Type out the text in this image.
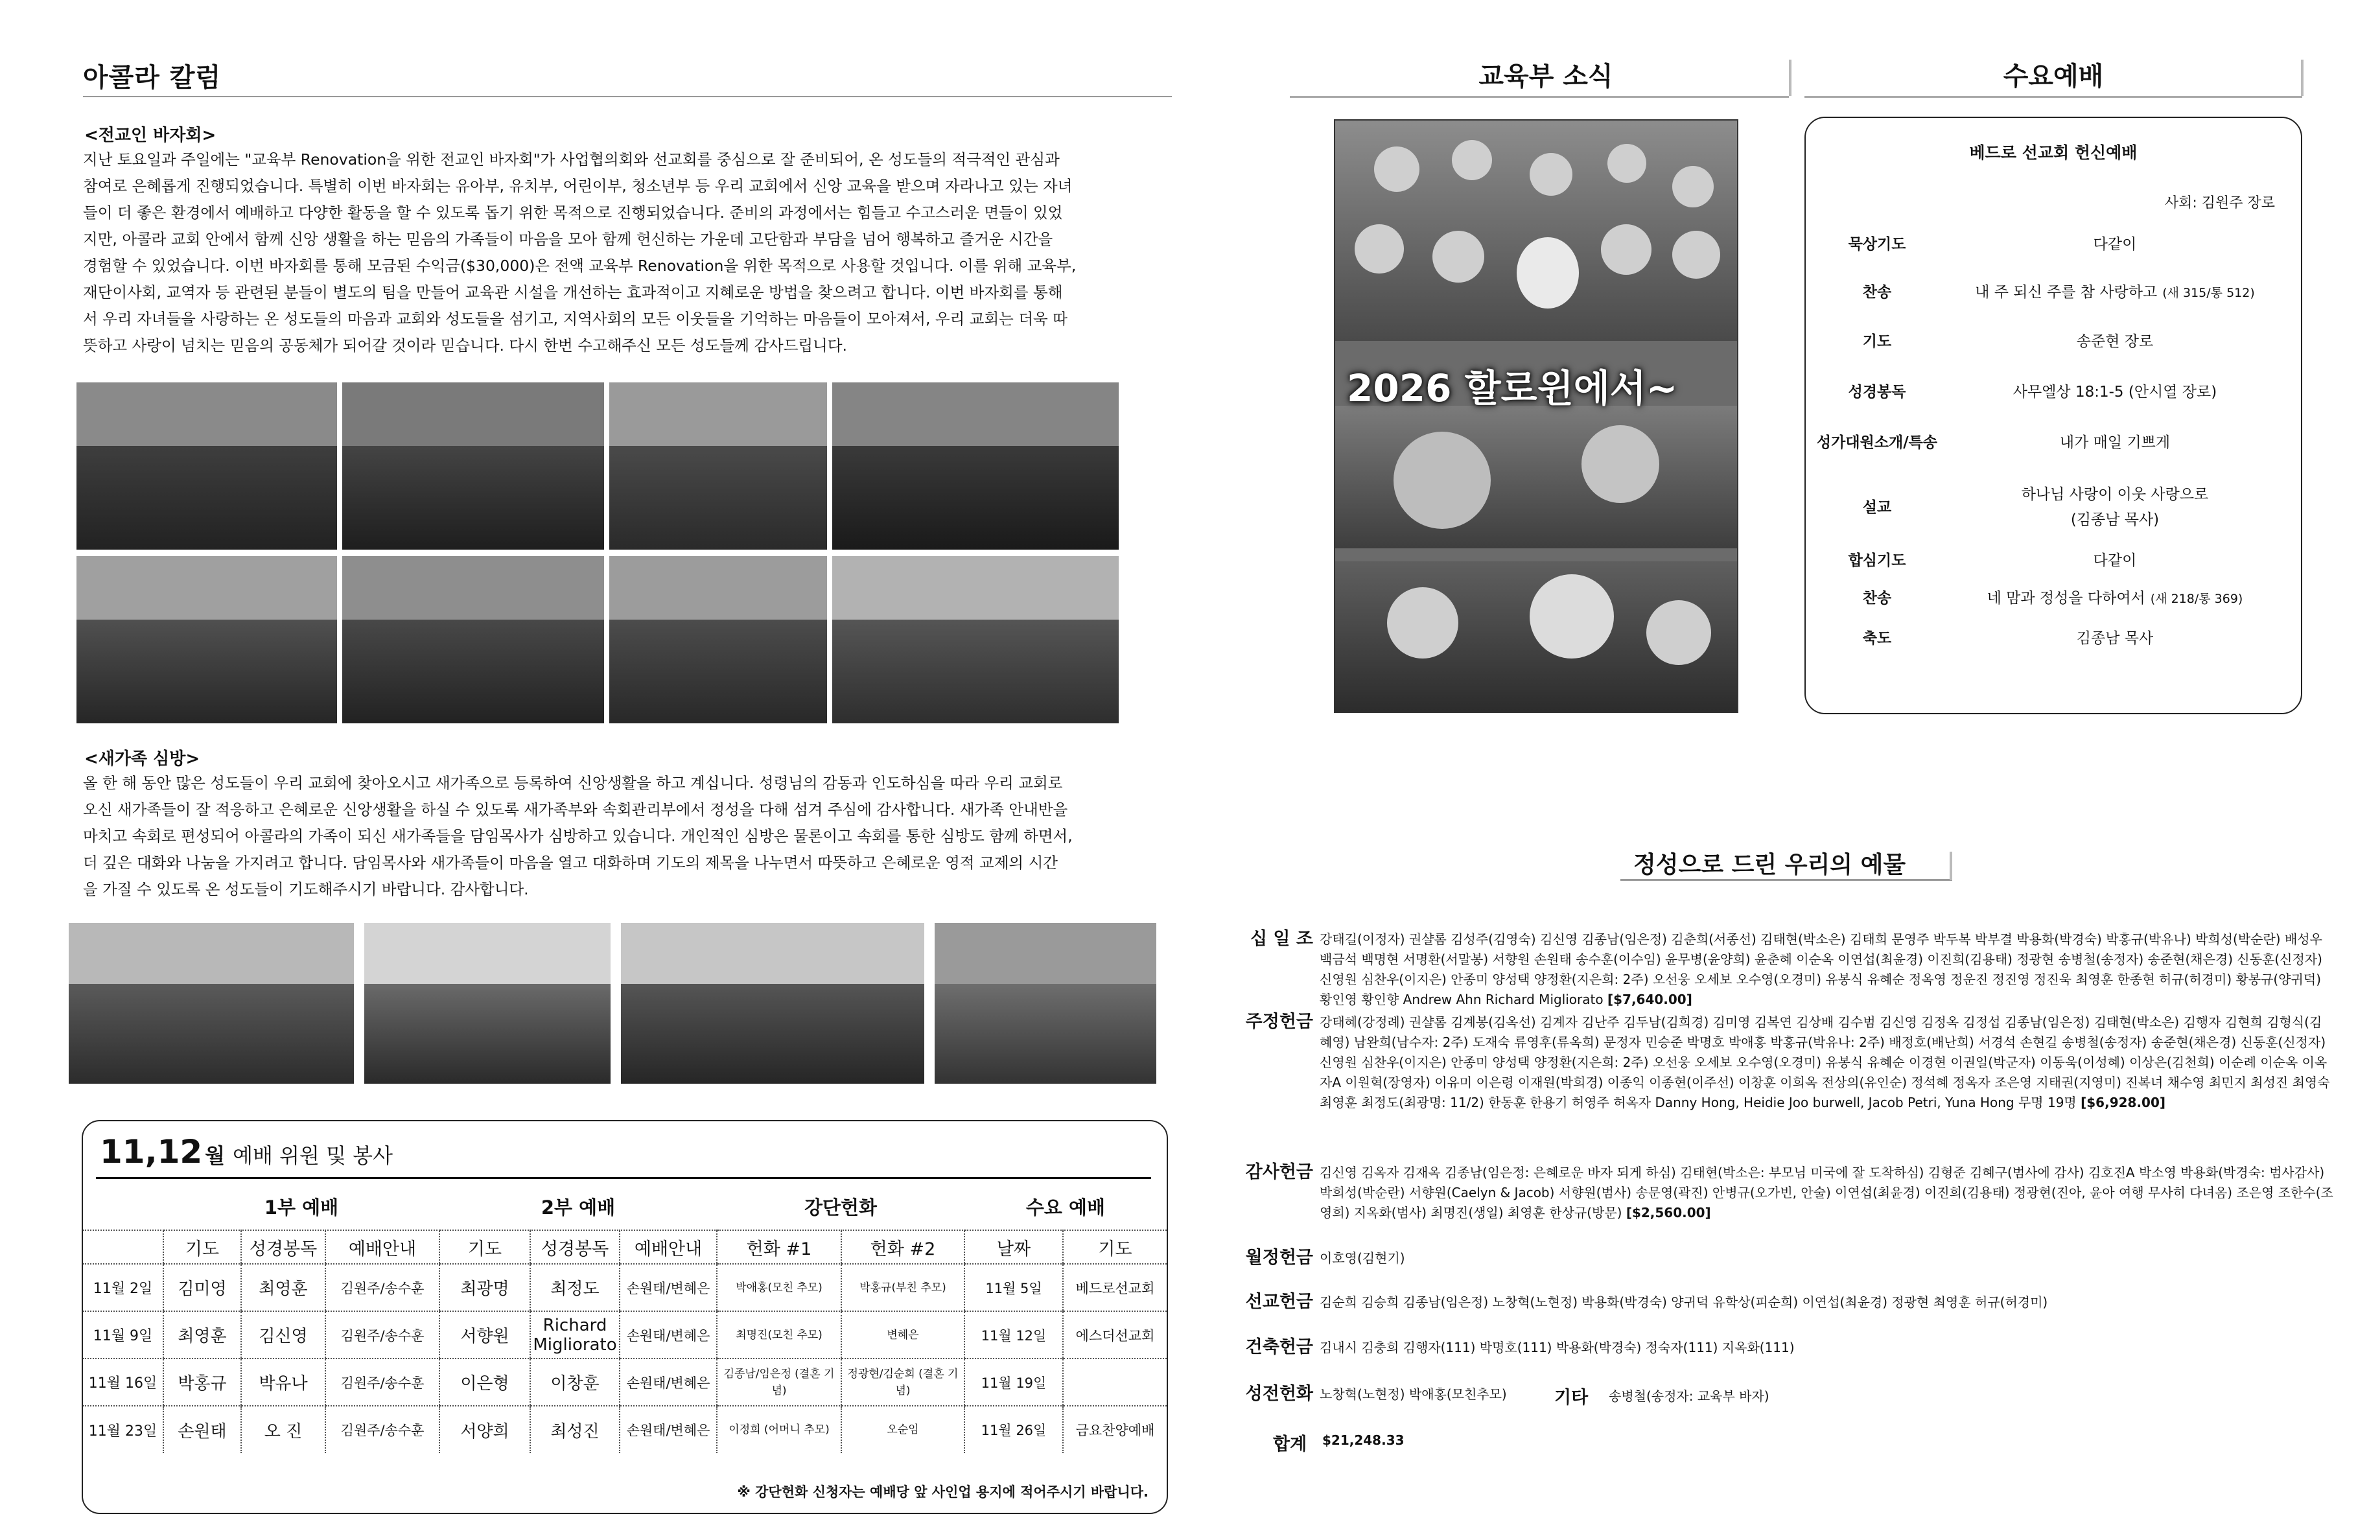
아콜라 칼럼
<전교인 바자회>
지난 토요일과 주일에는 "교육부 Renovation을 위한 전교인 바자회"가 사업협의회와 선교회를 중심으로 잘 준비되어, 온 성도들의 적극적인 관심과
참여로 은혜롭게 진행되었습니다. 특별히 이번 바자회는 유아부, 유치부, 어린이부, 청소년부 등 우리 교회에서 신앙 교육을 받으며 자라나고 있는 자녀
들이 더 좋은 환경에서 예배하고 다양한 활동을 할 수 있도록 돕기 위한 목적으로 진행되었습니다. 준비의 과정에서는 힘들고 수고스러운 면들이 있었
지만, 아콜라 교회 안에서 함께 신앙 생활을 하는 믿음의 가족들이 마음을 모아 함께 헌신하는 가운데 고단함과 부담을 넘어 행복하고 즐거운 시간을
경험할 수 있었습니다. 이번 바자회를 통해 모금된 수익금($30,000)은 전액 교육부 Renovation을 위한 목적으로 사용할 것입니다. 이를 위해 교육부,
재단이사회, 교역자 등 관련된 분들이 별도의 팀을 만들어 교육관 시설을 개선하는 효과적이고 지혜로운 방법을 찾으려고 합니다. 이번 바자회를 통해
서 우리 자녀들을 사랑하는 온 성도들의 마음과 교회와 성도들을 섬기고, 지역사회의 모든 이웃들을 기억하는 마음들이 모아져서, 우리 교회는 더욱 따
뜻하고 사랑이 넘치는 믿음의 공동체가 되어갈 것이라 믿습니다. 다시 한번 수고해주신 모든 성도들께 감사드립니다.
<새가족 심방>
올 한 해 동안 많은 성도들이 우리 교회에 찾아오시고 새가족으로 등록하여 신앙생활을 하고 계십니다. 성령님의 감동과 인도하심을 따라 우리 교회로
오신 새가족들이 잘 적응하고 은혜로운 신앙생활을 하실 수 있도록 새가족부와 속회관리부에서 정성을 다해 섬겨 주심에 감사합니다. 새가족 안내반을
마치고 속회로 편성되어 아콜라의 가족이 되신 새가족들을 담임목사가 심방하고 있습니다. 개인적인 심방은 물론이고 속회를 통한 심방도 함께 하면서,
더 깊은 대화와 나눔을 가지려고 합니다. 담임목사와 새가족들이 마음을 열고 대화하며 기도의 제목을 나누면서 따뜻하고 은혜로운 영적 교제의 시간
을 가질 수 있도록 온 성도들이 기도해주시기 바랍니다. 감사합니다.
11,12 월 예배 위원 및 봉사
	1부 예배			2부 예배			강단헌화		수요 예배	
	기도	성경봉독	예배안내	기도	성경봉독	예배안내	헌화 #1	헌화 #2	날짜	기도
11월 2일	김미영	최영훈	김원주/송수훈	최광명	최정도	손원태/변혜은	박애홍(모친 추모)	박홍규(부친 추모)	11월 5일	베드로선교회
11월 9일	최영훈	김신영	김원주/송수훈	서향원	Richard Migliorato	손원태/변혜은	최명진(모친 추모)	변혜은	11월 12일	에스더선교회
11월 16일	박홍규	박유나	김원주/송수훈	이은형	이창훈	손원태/변혜은	김종남/임은정 (결혼 기념)	정광현/김순희 (결혼 기념)	11월 19일	
11월 23일	손원태	오 진	김원주/송수훈	서양희	최성진	손원태/변혜은	이정희 (어머니 추모)	오순임	11월 26일	금요찬양예배
※ 강단헌화 신청자는 예배당 앞 사인업 용지에 적어주시기 바랍니다.
교육부 소식	수요예배
2026 할로윈에서~
베드로 선교회 헌신예배
사회: 김원주 장로
묵상기도	다같이
찬송	내 주 되신 주를 참 사랑하고 (새 315/통 512)
기도	송준현 장로
성경봉독	사무엘상 18:1-5 (안시열 장로)
성가대원소개/특송	내가 매일 기쁘게
설교
하나님 사랑이 이웃 사랑으로
(김종남 목사)
합심기도	다같이
찬송	네 맘과 정성을 다하여서 (새 218/통 369)
축도	김종남 목사
정성으로 드린 우리의 예물
십 일 조 강태길(이정자) 권샬롬 김성주(김영숙) 김신영 김종남(임은정) 김춘희(서종선) 김태현(박소은) 김태희 문영주 박두복 박부결 박용화(박경숙) 박홍규(박유나) 박희성(박순란) 배성우 백금석 백명현 서명환(서말봉) 서향원 손원태 송수훈(이수임) 윤무병(윤양희) 윤춘혜 이순옥 이연섭(최윤경) 이진희(김용태) 정광현 송병철(송정자) 송준현(채은경) 신동훈(신정자) 신영원 심찬우(이지은) 안종미 양성택 양정환(지은희: 2주) 오선웅 오세보 오수영(오경미) 유봉식 유혜순 정옥영 정운진 정진영 정진욱 최영훈 한종현 허규(허경미) 황봉규(양귀덕) 황인영 황인향 Andrew Ahn Richard Migliorato [$7,640.00]
주정헌금 강태혜(강정례) 권샬롬 김계봉(김옥선) 김계자 김난주 김두남(김희경) 김미영 김복연 김상배 김수범 김신영 김정옥 김정섭 김종남(임은정) 김태현(박소은) 김행자 김현희 김형식(김혜영) 남완희(남수자: 2주) 도재숙 류영후(류옥희) 문정자 민승준 박명호 박애홍 박홍규(박유나: 2주) 배정호(배난희) 서경석 손현길 송병철(송정자) 송준현(채은경) 신동훈(신정자) 신영원 심찬우(이지은) 안종미 양성택 양정환(지은희: 2주) 오선웅 오세보 오수영(오경미) 유봉식 유혜순 이경현 이권일(박군자) 이동욱(이성혜) 이상은(김천희) 이순례 이순옥 이옥자A 이원혁(장영자) 이유미 이은령 이재원(박희경) 이종익 이종현(이주선) 이창훈 이희옥 전상의(유인순) 정석혜 정옥자 조은영 지태권(지영미) 진복녀 채수영 최민지 최성진 최영숙 최영훈 최정도(최광명: 11/2) 한동훈 한용기 허영주 허옥자 Danny Hong, Heidie Joo burwell, Jacob Petri, Yuna Hong 무명 19명 [$6,928.00]
감사헌금 김신영 김옥자 김재옥 김종남(임은정: 은혜로운 바자 되게 하심) 김태현(박소은: 부모님 미국에 잘 도착하심) 김형준 김혜구(범사에 감사) 김호진A 박소영 박용화(박경숙: 범사감사) 박희성(박순란) 서향원(Caelyn & Jacob) 서향원(범사) 송문영(곽진) 안병규(오가빈, 안술) 이연섭(최윤경) 이진희(김용태) 정광현(진아, 윤아 여행 무사히 다녀옴) 조은영 조한수(조영희) 지옥화(범사) 최명진(생일) 최영훈 한상규(방문) [$2,560.00]
월정헌금 이호영(김현기)
선교헌금 김순희 김승희 김종남(임은정) 노창혁(노현정) 박용화(박경숙) 양귀덕 유학상(피순희) 이연섭(최윤경) 정광현 최영훈 허규(허경미)
건축헌금 김내시 김충희 김행자(111) 박명호(111) 박용화(박경숙) 정숙자(111) 지옥화(111)
성전헌화 노창혁(노현정) 박애홍(모친추모)	기타 송병철(송정자: 교육부 바자)
합계 $21,248.33
